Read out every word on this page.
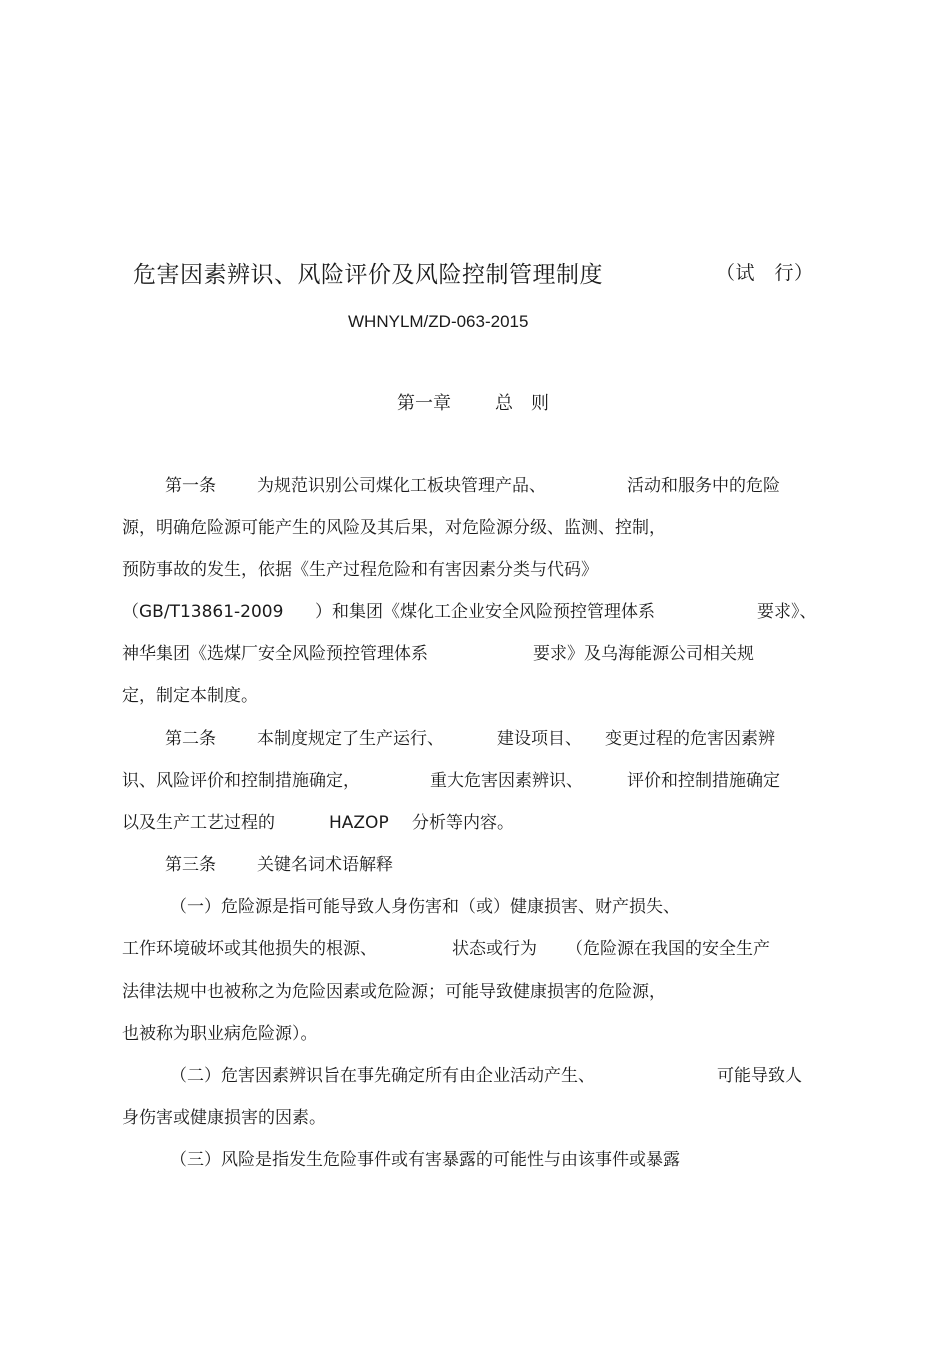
危害因素辨识、风险评价及风险控制管理制度	（试　行）
WHNYLM/ZD-063-2015
第一章 总　则
第一条 为规范识别公司煤化工板块管理产品、	活动和服务中的危险
源，明确危险源可能产生的风险及其后果，对危险源分级、监测、控制，
预防事故的发生，依据《生产过程危险和有害因素分类与代码》
（GB/T13861-2009 ）和集团《煤化工企业安全风险预控管理体系	要求》、
神华集团《选煤厂安全风险预控管理体系	要求》及乌海能源公司相关规
定，制定本制度。
第二条 本制度规定了生产运行、	建设项目、 变更过程的危害因素辨
识、风险评价和控制措施确定，	重大危害因素辨识、	评价和控制措施确定
以及生产工艺过程的	HAZOP 分析等内容。
第三条 关键名词术语解释
（一）危险源是指可能导致人身伤害和（或）健康损害、财产损失、
工作环境破坏或其他损失的根源、	状态或行为 （危险源在我国的安全生产
法律法规中也被称之为危险因素或危险源；可能导致健康损害的危险源，
也被称为职业病危险源）。
（二）危害因素辨识旨在事先确定所有由企业活动产生、	可能导致人
身伤害或健康损害的因素。
（三）风险是指发生危险事件或有害暴露的可能性与由该事件或暴露
